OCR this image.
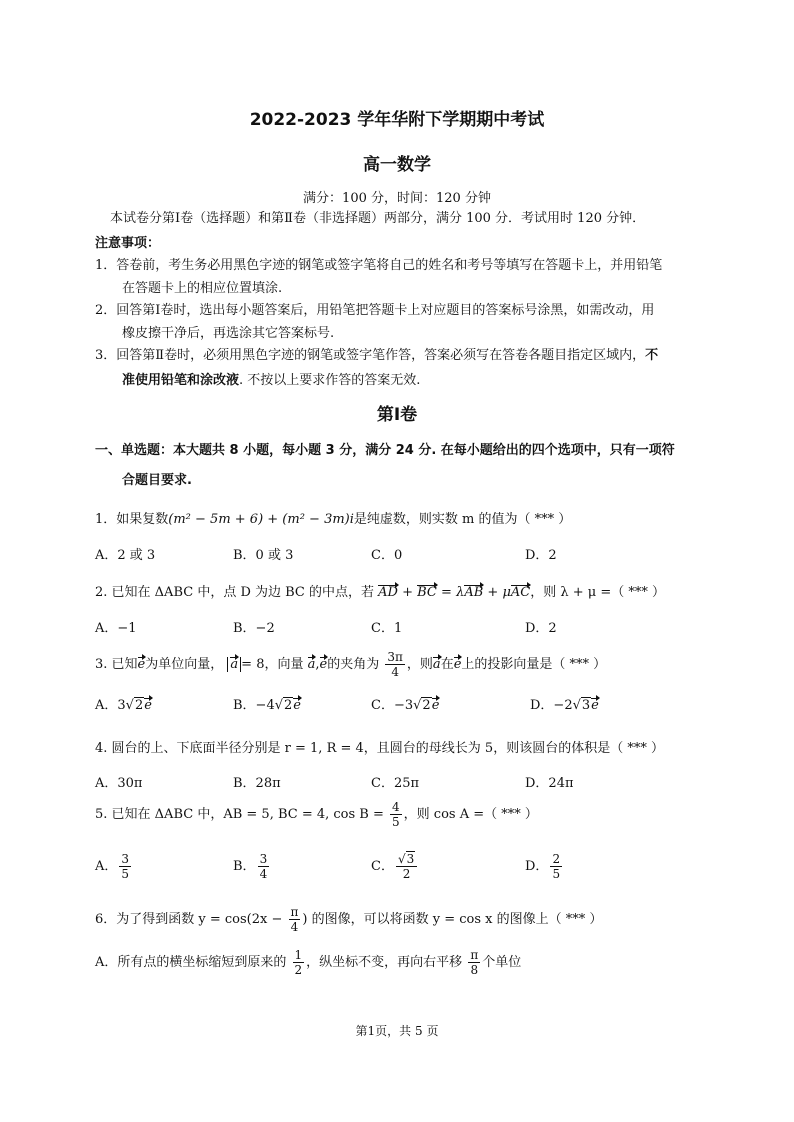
2022-2023 学年华附下学期期中考试
高一数学
满分：100 分，时间：120 分钟
本试卷分第Ⅰ卷（选择题）和第Ⅱ卷（非选择题）两部分，满分 100 分．考试用时 120 分钟．
注意事项：
1．答卷前，考生务必用黑色字迹的钢笔或签字笔将自己的姓名和考号等填写在答题卡上，并用铅笔
在答题卡上的相应位置填涂.
2．回答第Ⅰ卷时，选出每小题答案后，用铅笔把答题卡上对应题目的答案标号涂黑，如需改动，用
橡皮擦干净后，再选涂其它答案标号.
3．回答第Ⅱ卷时，必须用黑色字迹的钢笔或签字笔作答，答案必须写在答卷各题目指定区域内，不
准使用铅笔和涂改液. 不按以上要求作答的答案无效.
第Ⅰ卷
一、单选题：本大题共 8 小题，每小题 3 分，满分 24 分. 在每小题给出的四个选项中，只有一项符
合题目要求.
1．如果复数(m² − 5m + 6) + (m² − 3m)i是纯虚数，则实数 m 的值为（ *** ）
A．2 或 3	B．0 或 3	C．0	D．2
2. 已知在 ΔABC 中，点 D 为边 BC 的中点，若 AD + BC = λAB + μAC，则 λ + μ =（ *** ）
A．−1	B．−2	C．1	D．2
3. 已知e为单位向量， a = 8，向量 a,e的夹角为 $\frac{3\pi}{4}$ ，则a在e上的投影向量是（ *** ）
A．3√2e	B．−4√2e	C．−3√2e	D．−2√3e
4. 圆台的上、下底面半径分别是 r = 1, R = 4，且圆台的母线长为 5，则该圆台的体积是（ *** ）
A．30π	B．28π	C．25π	D．24π
5. 已知在 ΔABC 中，AB = 5, BC = 4, $\cos B = \frac{4}{5}$ ，则 cos A =（ *** ）
A． $\frac{3}{5}$	B． $\frac{3}{4}$	C． $\frac{√3}{2}$	D． $\frac{2}{5}$
6．为了得到函数 $y = \cos(2x - \frac{\pi}{4}$ ) 的图像，可以将函数 y = cos x 的图像上（ *** ）
A．所有点的横坐标缩短到原来的 $\frac{1}{2}$ ，纵坐标不变，再向右平移 $\frac{\pi}{8}$ 个单位
第1页，共 5 页
